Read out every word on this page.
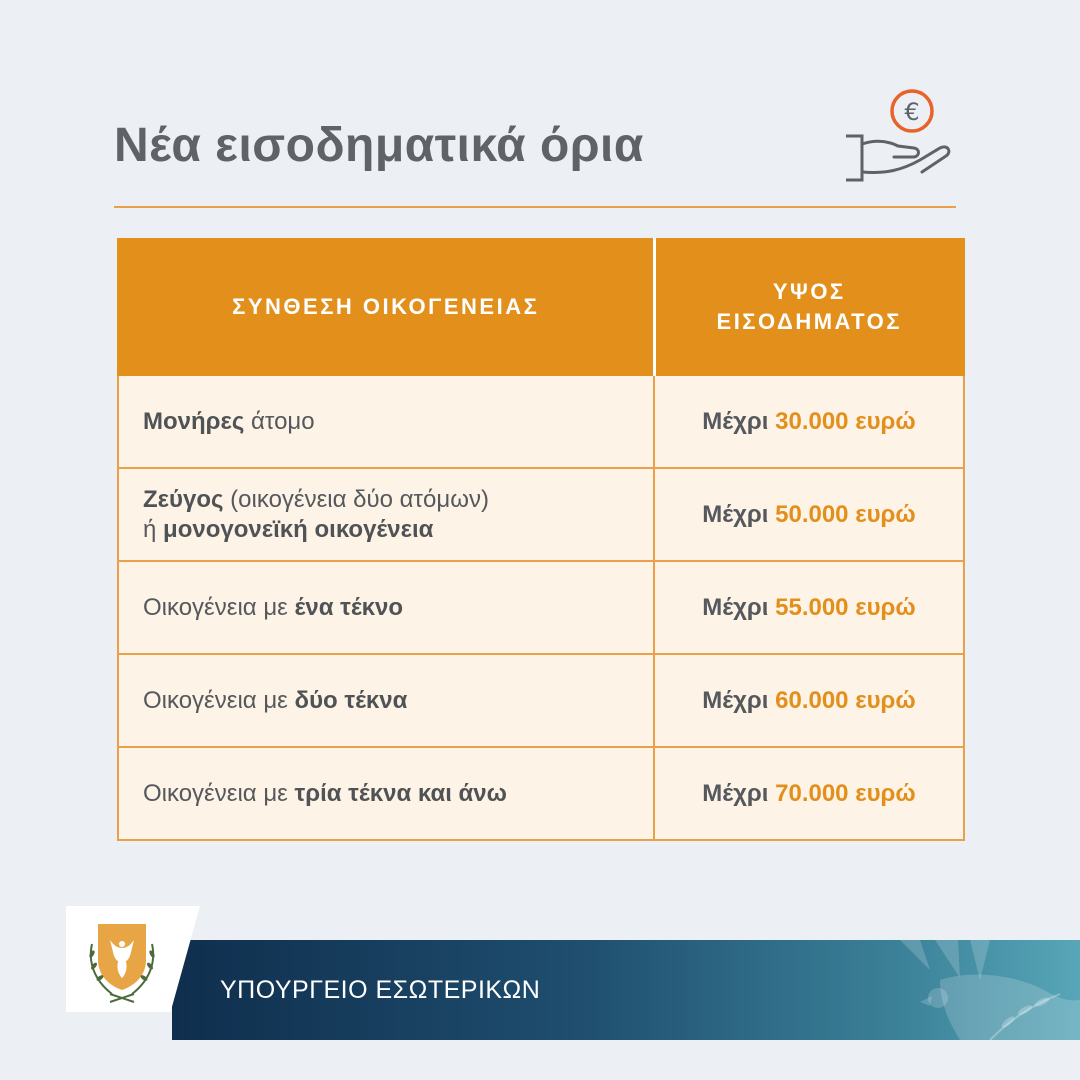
Νέα εισοδηματικά όρια
€
ΣΥΝΘΕΣΗ ΟΙΚΟΓΕΝΕΙΑΣ	ΥΨΟΣ ΕΙΣΟΔΗΜΑΤΟΣ
Μονήρες άτομο	Μέχρι 30.000 ευρώ
Ζεύγος (οικογένεια δύο ατόμων)
ή μονογονεϊκή οικογένεια	Μέχρι 50.000 ευρώ
Οικογένεια με ένα τέκνο	Μέχρι 55.000 ευρώ
Οικογένεια με δύο τέκνα	Μέχρι 60.000 ευρώ
Οικογένεια με τρία τέκνα και άνω	Μέχρι 70.000 ευρώ
ΥΠΟΥΡΓΕΙΟ ΕΣΩΤΕΡΙΚΩΝ
